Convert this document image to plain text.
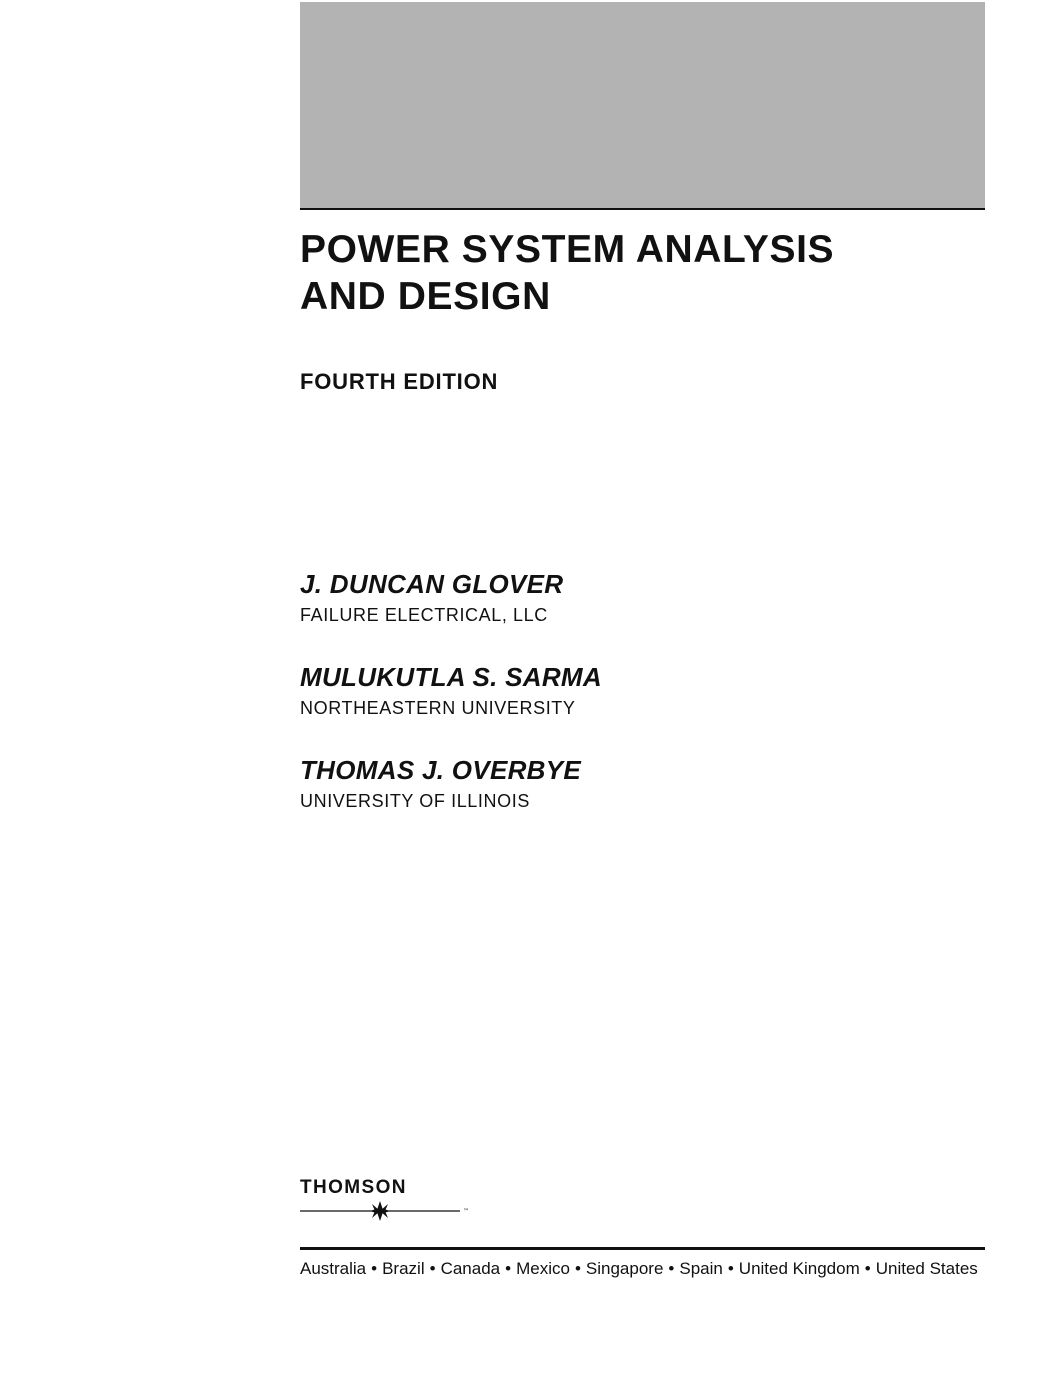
POWER SYSTEM ANALYSIS
AND DESIGN
FOURTH EDITION
J. DUNCAN GLOVER
FAILURE ELECTRICAL, LLC
MULUKUTLA S. SARMA
NORTHEASTERN UNIVERSITY
THOMAS J. OVERBYE
UNIVERSITY OF ILLINOIS
THOMSON
™
Australia • Brazil • Canada • Mexico • Singapore • Spain • United Kingdom • United States
